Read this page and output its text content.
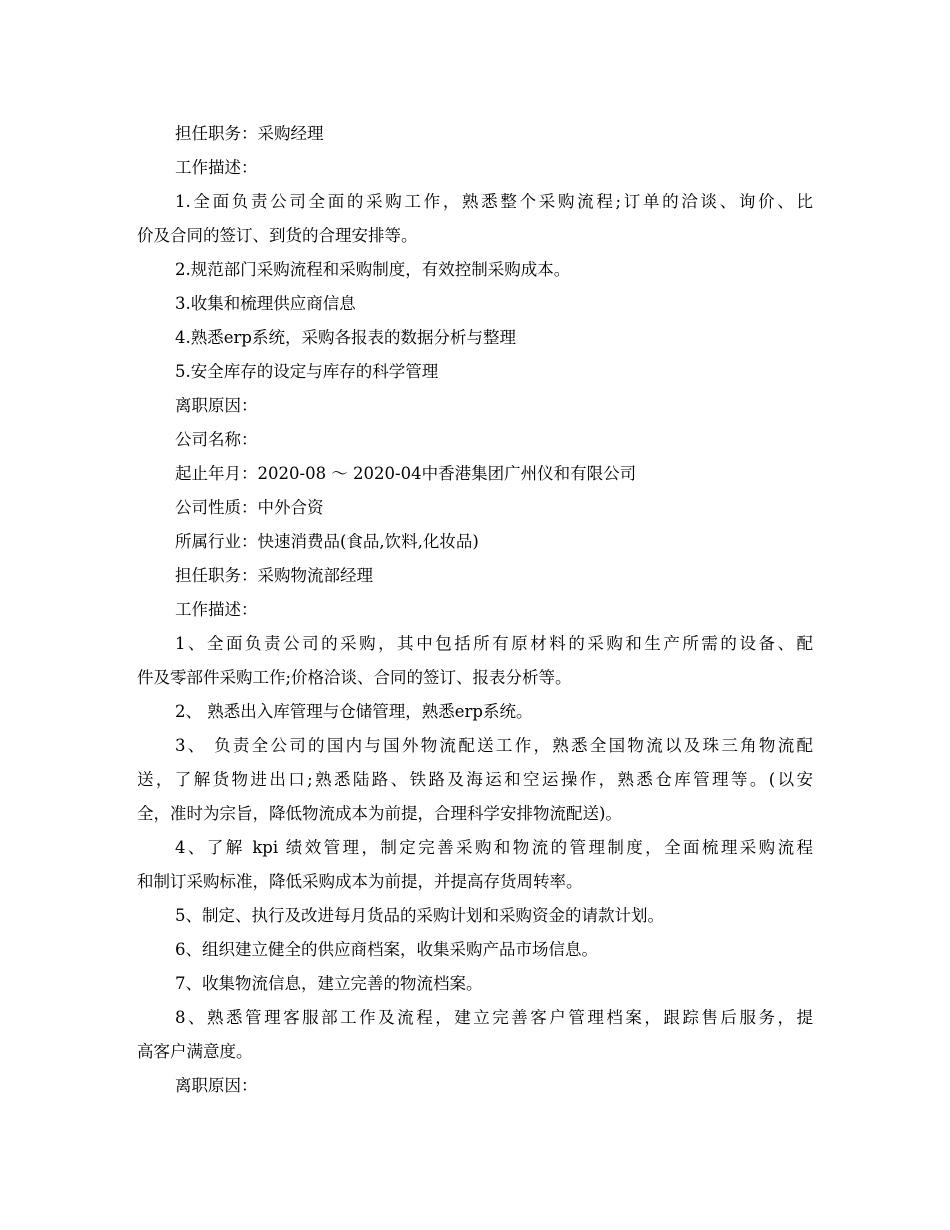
担任职务：采购经理
工作描述：
1.全面负责公司全面的采购工作，熟悉整个采购流程;订单的洽谈、询价、比
价及合同的签订、到货的合理安排等。
2.规范部门采购流程和采购制度，有效控制采购成本。
3.收集和梳理供应商信息
4.熟悉erp系统，采购各报表的数据分析与整理
5.安全库存的设定与库存的科学管理
离职原因：
公司名称：
起止年月：2020-08 ～ 2020-04中香港集团广州仪和有限公司
公司性质：中外合资
所属行业：快速消费品(食品,饮料,化妆品)
担任职务：采购物流部经理
工作描述：
1、全面负责公司的采购，其中包括所有原材料的采购和生产所需的设备、配
件及零部件采购工作;价格洽谈、合同的签订、报表分析等。
2、 熟悉出入库管理与仓储管理，熟悉erp系统。
3、 负责全公司的国内与国外物流配送工作，熟悉全国物流以及珠三角物流配
送，了解货物进出口;熟悉陆路、铁路及海运和空运操作，熟悉仓库管理等。(以安
全，准时为宗旨，降低物流成本为前提，合理科学安排物流配送)。
4、了解 kpi 绩效管理，制定完善采购和物流的管理制度，全面梳理采购流程
和制订采购标准，降低采购成本为前提，并提高存货周转率。
5、制定、执行及改进每月货品的采购计划和采购资金的请款计划。
6、组织建立健全的供应商档案，收集采购产品市场信息。
7、收集物流信息，建立完善的物流档案。
8、熟悉管理客服部工作及流程，建立完善客户管理档案，跟踪售后服务，提
高客户满意度。
离职原因：
